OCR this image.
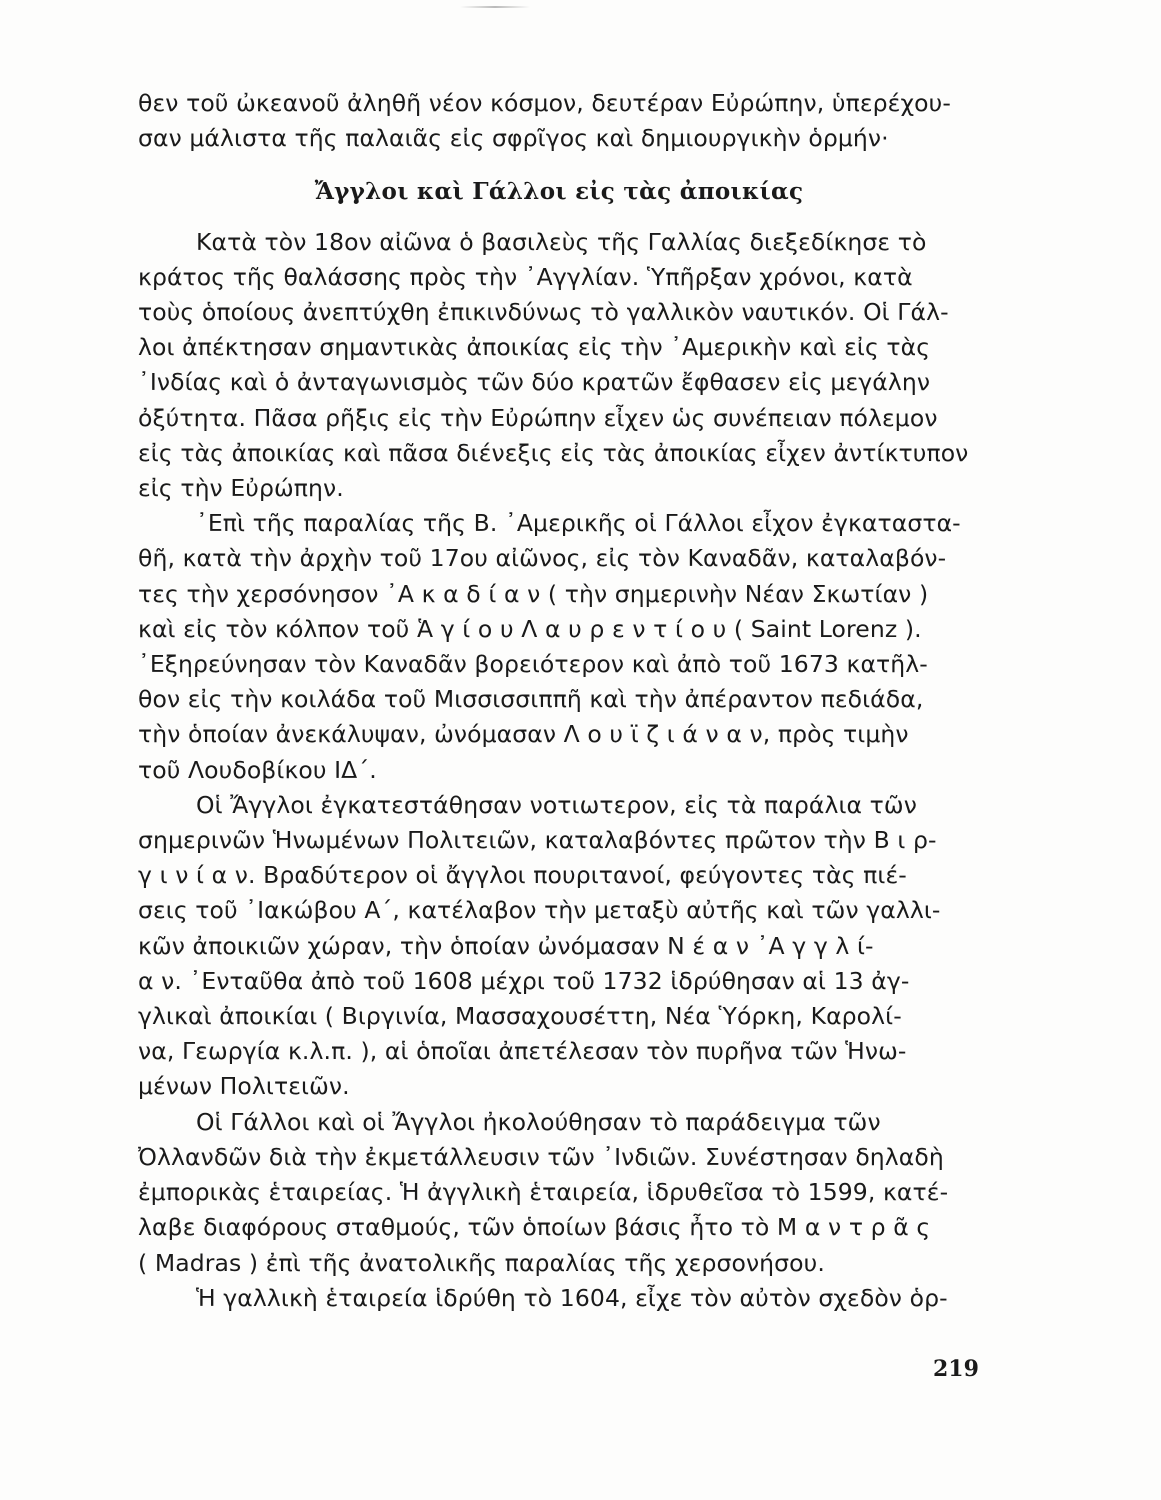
θεν τοῦ ὠκεανοῦ ἀληθῆ νέον κόσμον, δευτέραν Εὐρώπην, ὑπερέχου-
σαν μάλιστα τῆς παλαιᾶς εἰς σφρῖγος καὶ δημιουργικὴν ὁρμήν·

Ἄγγλοι καὶ Γάλλοι εἰς τὰς ἀποικίας

Κατὰ τὸν 18ον αἰῶνα ὁ βασιλεὺς τῆς Γαλλίας διεξεδίκησε τὸ
κράτος τῆς θαλάσσης πρὸς τὴν ᾿Αγγλίαν. Ὑπῆρξαν χρόνοι, κατὰ
τοὺς ὁποίους ἀνεπτύχθη ἐπικινδύνως τὸ γαλλικὸν ναυτικόν. Οἱ Γάλ-
λοι ἀπέκτησαν σημαντικὰς ἀποικίας εἰς τὴν ᾿Αμερικὴν καὶ εἰς τὰς
᾿Ινδίας καὶ ὁ ἀνταγωνισμὸς τῶν δύο κρατῶν ἔφθασεν εἰς μεγάλην
ὀξύτητα. Πᾶσα ρῆξις εἰς τὴν Εὐρώπην εἶχεν ὡς συνέπειαν πόλεμον
εἰς τὰς ἀποικίας καὶ πᾶσα διένεξις εἰς τὰς ἀποικίας εἶχεν ἀντίκτυπον
εἰς τὴν Εὐρώπην.

᾿Επὶ τῆς παραλίας τῆς Β. ᾿Αμερικῆς οἱ Γάλλοι εἶχον ἐγκαταστα-
θῆ, κατὰ τὴν ἀρχὴν τοῦ 17ου αἰῶνος, εἰς τὸν Καναδᾶν, καταλαβόν-
τες τὴν χερσόνησον ᾿Α κ α δ ί α ν ( τὴν σημερινὴν Νέαν Σκωτίαν )
καὶ εἰς τὸν κόλπον τοῦ Ἁ γ ί ο υ Λ α υ ρ ε ν τ ί ο υ ( Saint Lorenz ).
᾿Εξηρεύνησαν τὸν Καναδᾶν βορειότερον καὶ ἀπὸ τοῦ 1673 κατῆλ-
θον εἰς τὴν κοιλάδα τοῦ Μισσισσιππῆ καὶ τὴν ἀπέραντον πεδιάδα,
τὴν ὁποίαν ἀνεκάλυψαν, ὠνόμασαν Λ ο υ ϊ ζ ι ά ν α ν, πρὸς τιμὴν
τοῦ Λουδοβίκου ΙΔ΄.

Οἱ Ἄγγλοι ἐγκατεστάθησαν νοτιωτερον, εἰς τὰ παράλια τῶν
σημερινῶν Ἡνωμένων Πολιτειῶν, καταλαβόντες πρῶτον τὴν Β ι ρ-
γ ι ν ί α ν. Βραδύτερον οἱ ἄγγλοι πουριτανοί, φεύγοντες τὰς πιέ-
σεις τοῦ ᾿Ιακώβου Α΄, κατέλαβον τὴν μεταξὺ αὐτῆς καὶ τῶν γαλλι-
κῶν ἀποικιῶν χώραν, τὴν ὁποίαν ὠνόμασαν Ν έ α ν ᾿Α γ γ λ ί-
α ν. ᾿Ενταῦθα ἀπὸ τοῦ 1608 μέχρι τοῦ 1732 ἱδρύθησαν αἱ 13 ἀγ-
γλικαὶ ἀποικίαι ( Βιργινία, Μασσαχουσέττη, Νέα Ὑόρκη, Καρολί-
να, Γεωργία κ.λ.π. ), αἱ ὁποῖαι ἀπετέλεσαν τὸν πυρῆνα τῶν Ἡνω-
μένων Πολιτειῶν.

Οἱ Γάλλοι καὶ οἱ Ἄγγλοι ἠκολούθησαν τὸ παράδειγμα τῶν
Ὀλλανδῶν διὰ τὴν ἐκμετάλλευσιν τῶν ᾿Ινδιῶν. Συνέστησαν δηλαδὴ
ἐμπορικὰς ἑταιρείας. Ἡ ἀγγλικὴ ἑταιρεία, ἱδρυθεῖσα τὸ 1599, κατέ-
λαβε διαφόρους σταθμούς, τῶν ὁποίων βάσις ἦτο τὸ Μ α ν τ ρ ᾶ ς
( Madras ) ἐπὶ τῆς ἀνατολικῆς παραλίας τῆς χερσονήσου.

Ἡ γαλλικὴ ἑταιρεία ἱδρύθη τὸ 1604, εἶχε τὸν αὐτὸν σχεδὸν ὁρ-

219
